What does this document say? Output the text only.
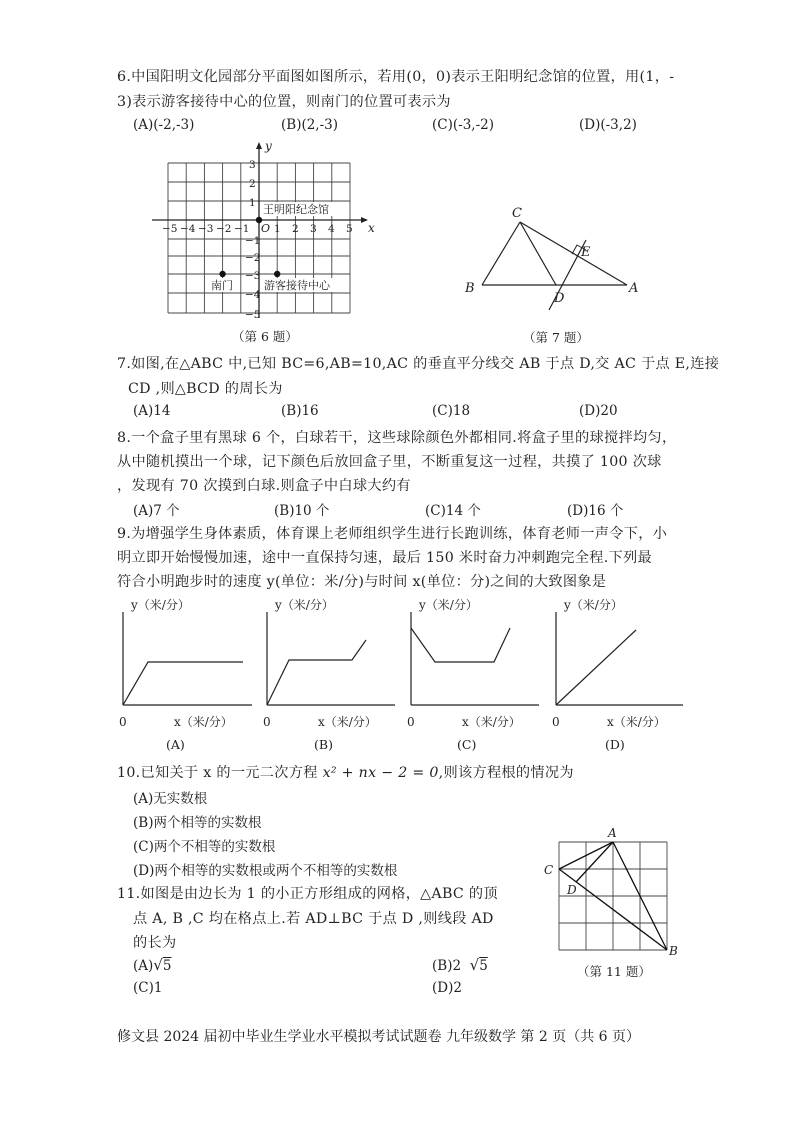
6.中国阳明文化园部分平面图如图所示，若用(0，0)表示王阳明纪念馆的位置，用(1，-
3)表示游客接待中心的位置，则南门的位置可表示为
(A)(-2,-3)	(B)(2,-3)	(C)(-3,-2)	(D)(-3,2)
x
y
O
−5 −4 −3 −2 −1 1 2 3 4 5
3
2
1
−1
−2
−3
−4
−5
王明阳纪念馆
南门	游客接待中心
（第 6 题）
C
B	A
D
E
（第 7 题）
7.如图,在△ABC 中,已知 BC=6,AB=10,AC 的垂直平分线交 AB 于点 D,交 AC 于点 E,连接
CD ,则△BCD 的周长为
(A)14	(B)16	(C)18	(D)20
8.一个盒子里有黑球 6 个，白球若干，这些球除颜色外都相同.将盒子里的球搅拌均匀，
从中随机摸出一个球，记下颜色后放回盒子里，不断重复这一过程，共摸了 100 次球
，发现有 70 次摸到白球.则盒子中白球大约有
(A)7 个	(B)10 个	(C)14 个	(D)16 个
9.为增强学生身体素质，体育课上老师组织学生进行长跑训练，体育老师一声令下，小
明立即开始慢慢加速，途中一直保持匀速，最后 150 米时奋力冲刺跑完全程.下列最
符合小明跑步时的速度 y(单位：米/分)与时间 x(单位：分)之间的大致图象是
y（米/分）	y（米/分）	y（米/分）	y（米/分）
0	0	0	0
x（米/分）	x（米/分）	x（米/分）	x（米/分）
(A)	(B)	(C)	(D)
10.已知关于 x 的一元二次方程 x² + nx − 2 = 0,则该方程根的情况为
(A)无实数根
(B)两个相等的实数根
(C)两个不相等的实数根
(D)两个相等的实数根或两个不相等的实数根
11.如图是由边长为 1 的小正方形组成的网格，△ABC 的顶
点 A, B ,C 均在格点上.若 AD⊥BC 于点 D ,则线段 AD
的长为
(A)√5	(B)2 √5
(C)1	(D)2
A
C
D
B
（第 11 题）
修文县 2024 届初中毕业生学业水平模拟考试试题卷 九年级数学 第 2 页（共 6 页）
